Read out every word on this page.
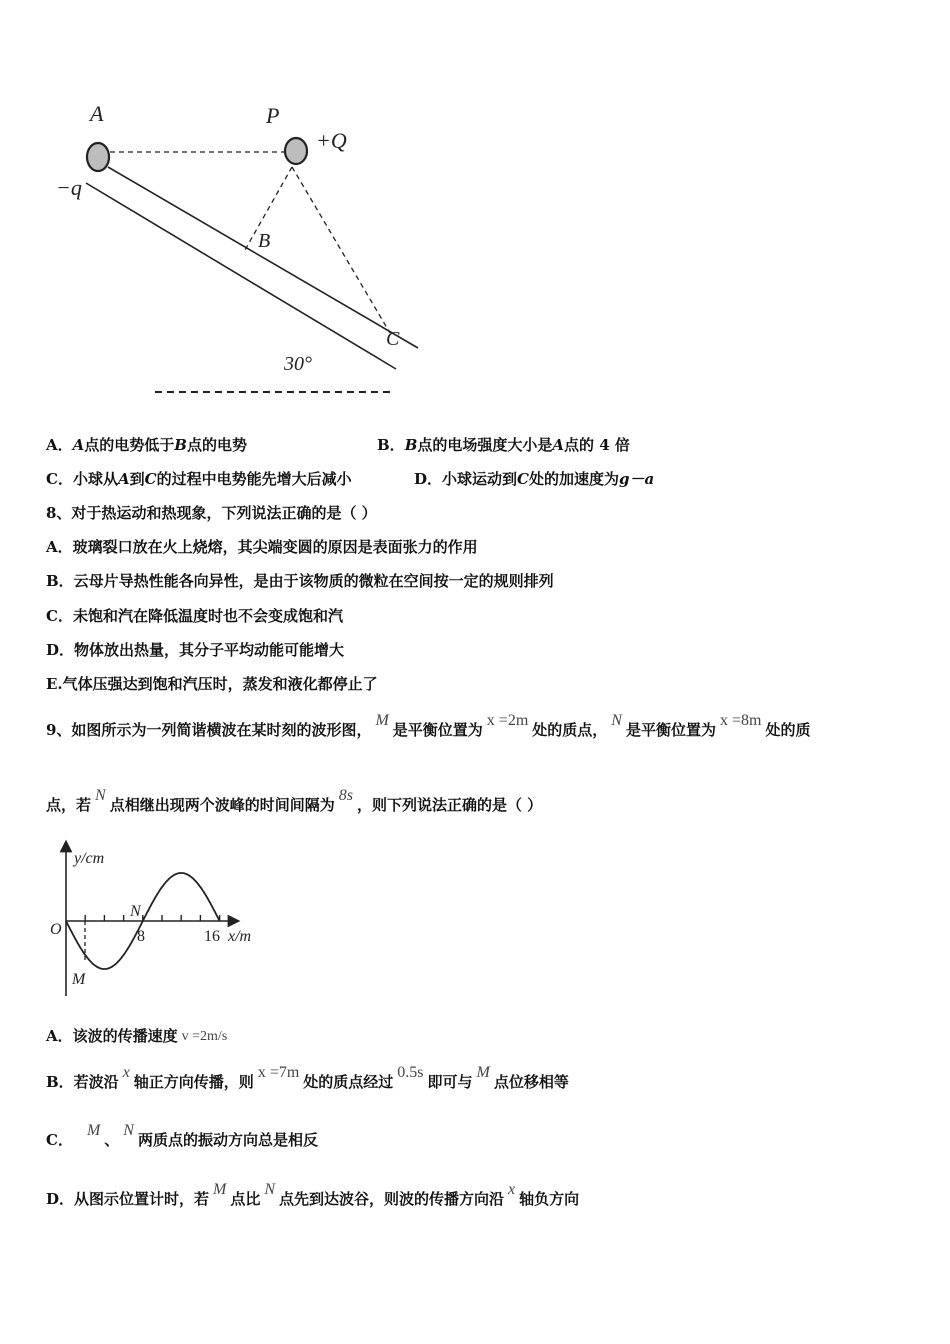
A	P
+Q
−q
B
C
30°
A．A点的电势低于B点的电势	B．B点的电场强度大小是A点的 4 倍
C．小球从A到C的过程中电势能先增大后减小	D．小球运动到C处的加速度为g－a
8、对于热运动和热现象，下列说法正确的是（ ）
A．玻璃裂口放在火上烧熔，其尖端变圆的原因是表面张力的作用
B．云母片导热性能各向异性，是由于该物质的微粒在空间按一定的规则排列
C．未饱和汽在降低温度时也不会变成饱和汽
D．物体放出热量，其分子平均动能可能增大
E.气体压强达到饱和汽压时，蒸发和液化都停止了
9、如图所示为一列简谐横波在某时刻的波形图，M是平衡位置为x =2m处的质点，N是平衡位置为x =8m处的质
点，若N点相继出现两个波峰的时间间隔为8s，则下列说法正确的是（ ）
y/cm
O	8	16 x/m
N
M
A．该波的传播速度 v =2m/s
B．若波沿x轴正方向传播，则x =7m处的质点经过0.5s即可与M点位移相等
C．M、N两质点的振动方向总是相反
D．从图示位置计时，若M点比N点先到达波谷，则波的传播方向沿x轴负方向
